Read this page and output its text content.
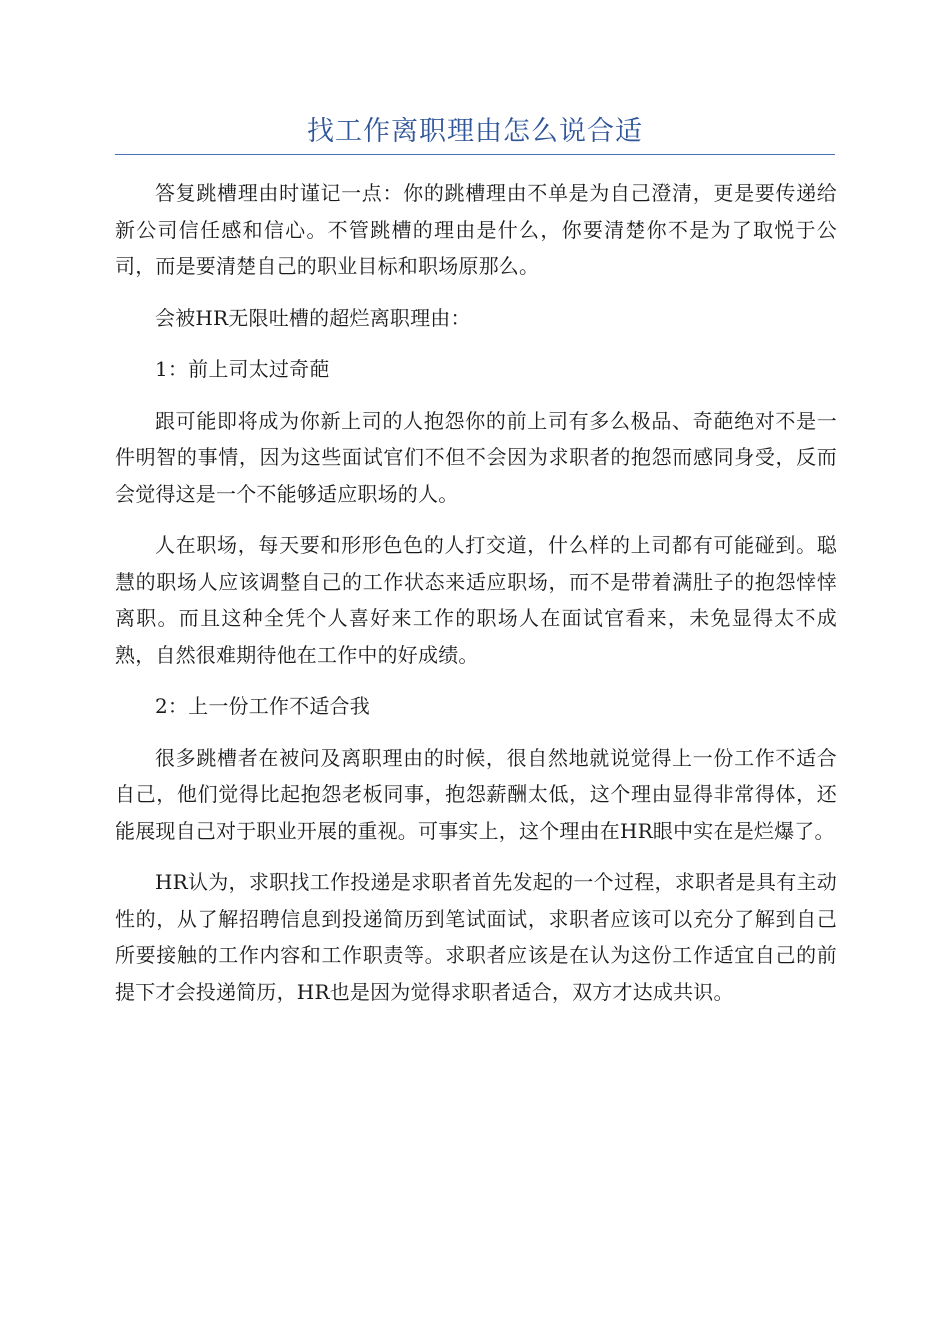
找工作离职理由怎么说合适

答复跳槽理由时谨记一点：你的跳槽理由不单是为自己澄清，更是要传递给新公司信任感和信心。不管跳槽的理由是什么，你要清楚你不是为了取悦于公司，而是要清楚自己的职业目标和职场原那么。

会被HR无限吐槽的超烂离职理由：

1：前上司太过奇葩

跟可能即将成为你新上司的人抱怨你的前上司有多么极品、奇葩绝对不是一件明智的事情，因为这些面试官们不但不会因为求职者的抱怨而感同身受，反而会觉得这是一个不能够适应职场的人。

人在职场，每天要和形形色色的人打交道，什么样的上司都有可能碰到。聪慧的职场人应该调整自己的工作状态来适应职场，而不是带着满肚子的抱怨悻悻离职。而且这种全凭个人喜好来工作的职场人在面试官看来，未免显得太不成熟，自然很难期待他在工作中的好成绩。

2：上一份工作不适合我

很多跳槽者在被问及离职理由的时候，很自然地就说觉得上一份工作不适合自己，他们觉得比起抱怨老板同事，抱怨薪酬太低，这个理由显得非常得体，还能展现自己对于职业开展的重视。可事实上，这个理由在HR眼中实在是烂爆了。

HR认为，求职找工作投递是求职者首先发起的一个过程，求职者是具有主动性的，从了解招聘信息到投递简历到笔试面试，求职者应该可以充分了解到自己所要接触的工作内容和工作职责等。求职者应该是在认为这份工作适宜自己的前提下才会投递简历，HR也是因为觉得求职者适合，双方才达成共识。
